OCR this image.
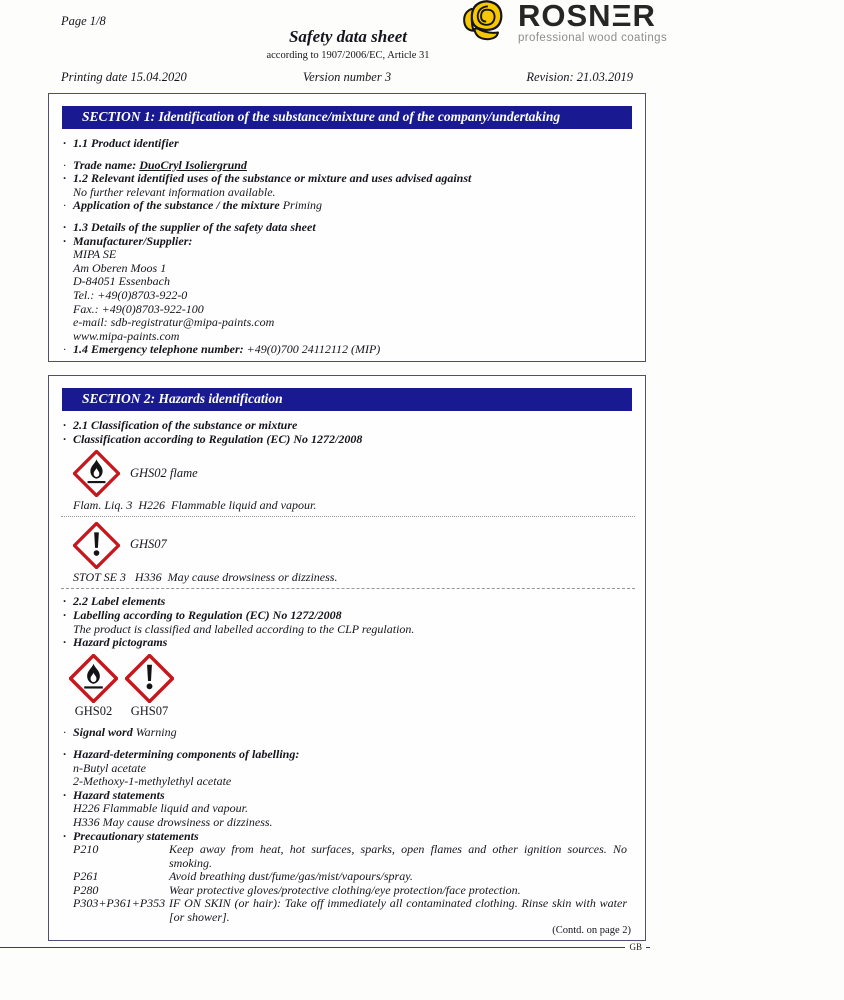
Page 1/8	ROSNΞR
professional wood coatings
Safety data sheet
according to 1907/2006/EC, Article 31
Printing date 15.04.2020	Version number 3	Revision: 21.03.2019
SECTION 1: Identification of the substance/mixture and of the company/undertaking

· 1.1 Product identifier

· Trade name: DuoCryl Isoliergrund

· 1.2 Relevant identified uses of the substance or mixture and uses advised against

No further relevant information available.

· Application of the substance / the mixture Priming

· 1.3 Details of the supplier of the safety data sheet

· Manufacturer/Supplier:

MIPA SE

Am Oberen Moos 1

D-84051 Essenbach

Tel.: +49(0)8703-922-0

Fax.: +49(0)8703-922-100

e-mail: sdb-registratur@mipa-paints.com

www.mipa-paints.com

· 1.4 Emergency telephone number: +49(0)700 24112112 (MIP)

SECTION 2: Hazards identification

· 2.1 Classification of the substance or mixture

· Classification according to Regulation (EC) No 1272/2008

GHS02 flame

Flam. Liq. 3  H226  Flammable liquid and vapour.

GHS07

STOT SE 3   H336  May cause drowsiness or dizziness.

· 2.2 Label elements

· Labelling according to Regulation (EC) No 1272/2008

The product is classified and labelled according to the CLP regulation.

· Hazard pictograms

GHS02 GHS07

· Signal word Warning

· Hazard-determining components of labelling:

n-Butyl acetate

2-Methoxy-1-methylethyl acetate

· Hazard statements

H226 Flammable liquid and vapour.

H336 May cause drowsiness or dizziness.

· Precautionary statements

P210	Keep away from heat, hot surfaces, sparks, open flames and other ignition sources. No smoking.
P261	Avoid breathing dust/fume/gas/mist/vapours/spray.
P280	Wear protective gloves/protective clothing/eye protection/face protection.
P303+P361+P353 IF ON SKIN (or hair): Take off immediately all contaminated clothing. Rinse skin with water [or shower].
(Contd. on page 2)
GB
